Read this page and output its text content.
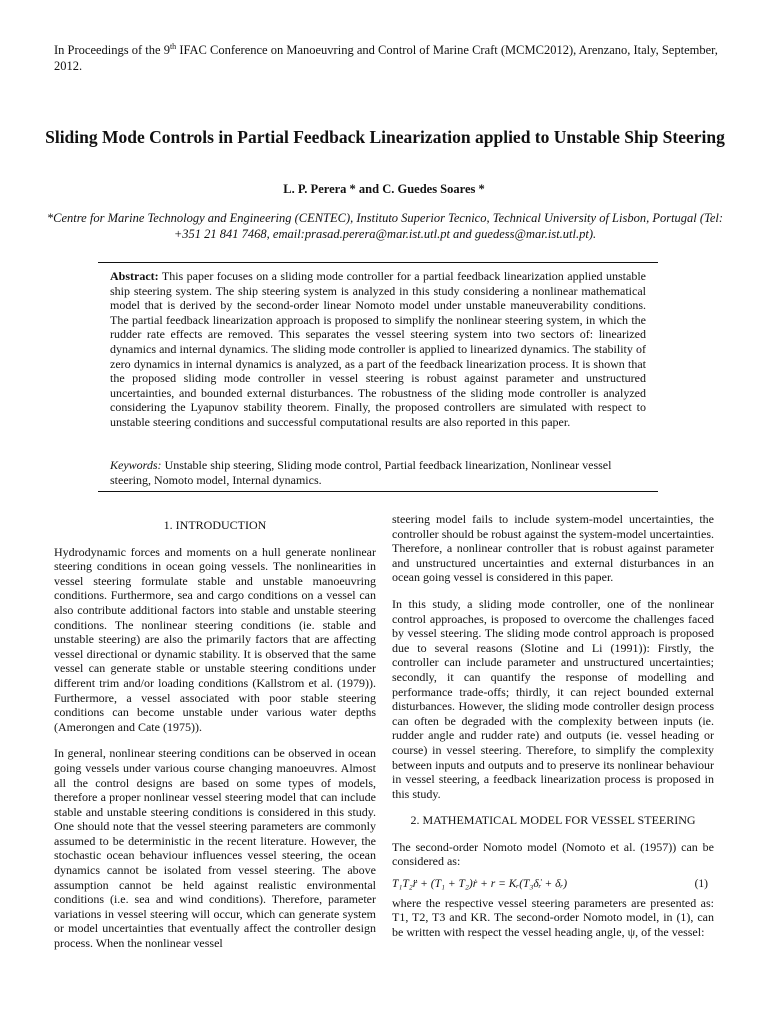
In Proceedings of the 9th IFAC Conference on Manoeuvring and Control of Marine Craft (MCMC2012), Arenzano, Italy, September, 2012.
Sliding Mode Controls in Partial Feedback Linearization applied to Unstable Ship Steering
L. P. Perera * and C. Guedes Soares *
*Centre for Marine Technology and Engineering (CENTEC), Instituto Superior Tecnico, Technical University of Lisbon, Portugal (Tel: +351 21 841 7468, email:prasad.perera@mar.ist.utl.pt and guedess@mar.ist.utl.pt).
Abstract: This paper focuses on a sliding mode controller for a partial feedback linearization applied unstable ship steering system. The ship steering system is analyzed in this study considering a nonlinear mathematical model that is derived by the second-order linear Nomoto model under unstable maneuverability conditions. The partial feedback linearization approach is proposed to simplify the nonlinear steering system, in which the rudder rate effects are removed. This separates the vessel steering system into two sectors of: linearized dynamics and internal dynamics. The sliding mode controller is applied to linearized dynamics. The stability of zero dynamics in internal dynamics is analyzed, as a part of the feedback linearization process. It is shown that the proposed sliding mode controller in vessel steering is robust against parameter and unstructured uncertainties, and bounded external disturbances. The robustness of the sliding mode controller is analyzed considering the Lyapunov stability theorem. Finally, the proposed controllers are simulated with respect to unstable steering conditions and successful computational results are also reported in this paper.
Keywords: Unstable ship steering, Sliding mode control, Partial feedback linearization, Nonlinear vessel steering, Nomoto model, Internal dynamics.

1. INTRODUCTION

Hydrodynamic forces and moments on a hull generate nonlinear steering conditions in ocean going vessels. The nonlinearities in vessel steering formulate stable and unstable manoeuvring conditions. Furthermore, sea and cargo conditions on a vessel can also contribute additional factors into stable and unstable steering conditions. The nonlinear steering conditions (ie. stable and unstable steering) are also the primarily factors that are affecting vessel directional or dynamic stability. It is observed that the same vessel can generate stable or unstable steering conditions under different trim and/or loading conditions (Kallstrom et al. (1979)). Furthermore, a vessel associated with poor stable steering conditions can become unstable under various water depths (Amerongen and Cate (1975)).

In general, nonlinear steering conditions can be observed in ocean going vessels under various course changing manoeuvres. Almost all the control designs are based on some types of models, therefore a proper nonlinear vessel steering model that can include stable and unstable steering conditions is considered in this study. One should note that the vessel steering parameters are commonly assumed to be deterministic in the recent literature. However, the stochastic ocean behaviour influences vessel steering, the ocean dynamics cannot be isolated from vessel steering. The above assumption cannot be held against realistic environmental conditions (i.e. sea and wind conditions). Therefore, parameter variations in vessel steering will occur, which can generate system or model uncertainties that eventually affect the controller design process. When the nonlinear vessel

steering model fails to include system-model uncertainties, the controller should be robust against the system-model uncertainties. Therefore, a nonlinear controller that is robust against parameter and unstructured uncertainties and external disturbances in an ocean going vessel is considered in this paper.

In this study, a sliding mode controller, one of the nonlinear control approaches, is proposed to overcome the challenges faced by vessel steering. The sliding mode control approach is proposed due to several reasons (Slotine and Li (1991)): Firstly, the controller can include parameter and unstructured uncertainties; secondly, it can quantify the response of modelling and performance trade-offs; thirdly, it can reject bounded external disturbances. However, the sliding mode controller design process can often be degraded with the complexity between inputs (ie. rudder angle and rudder rate) and outputs (ie. vessel heading or course) in vessel steering. Therefore, to simplify the complexity between inputs and outputs and to preserve its nonlinear behaviour in vessel steering, a feedback linearization process is proposed in this study.

2. MATHEMATICAL MODEL FOR VESSEL STEERING

The second-order Nomoto model (Nomoto et al. (1957)) can be considered as:

T₁T₂r̈ + (T₁ + T₂)ṙ + r = Kᵣ(T₃δ̇ᵣ + δᵣ)	(1)

where the respective vessel steering parameters are presented as: T1, T2, T3 and KR. The second-order Nomoto model, in (1), can be written with respect the vessel heading angle, ψ, of the vessel:
